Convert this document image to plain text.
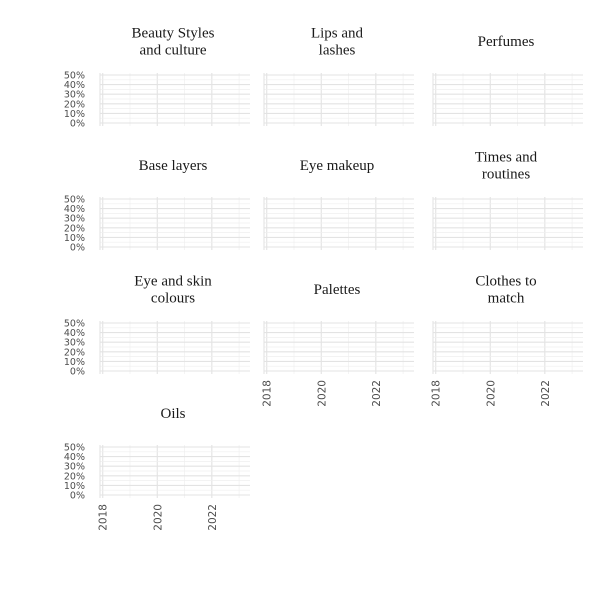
Beauty Styles and culture
0%
10%
20%
30%
40%
50%
Lips and lashes
Perfumes
Base layers
0%
10%
20%
30%
40%
50%
Eye makeup
Times and routines
Eye and skin colours
0%
10%
20%
30%
40%
50%
Palettes
2018	2020	2022
Clothes to match
2018	2020	2022
Oils
0%
10%
20%
30%
40%
50%
2018	2020	2022
